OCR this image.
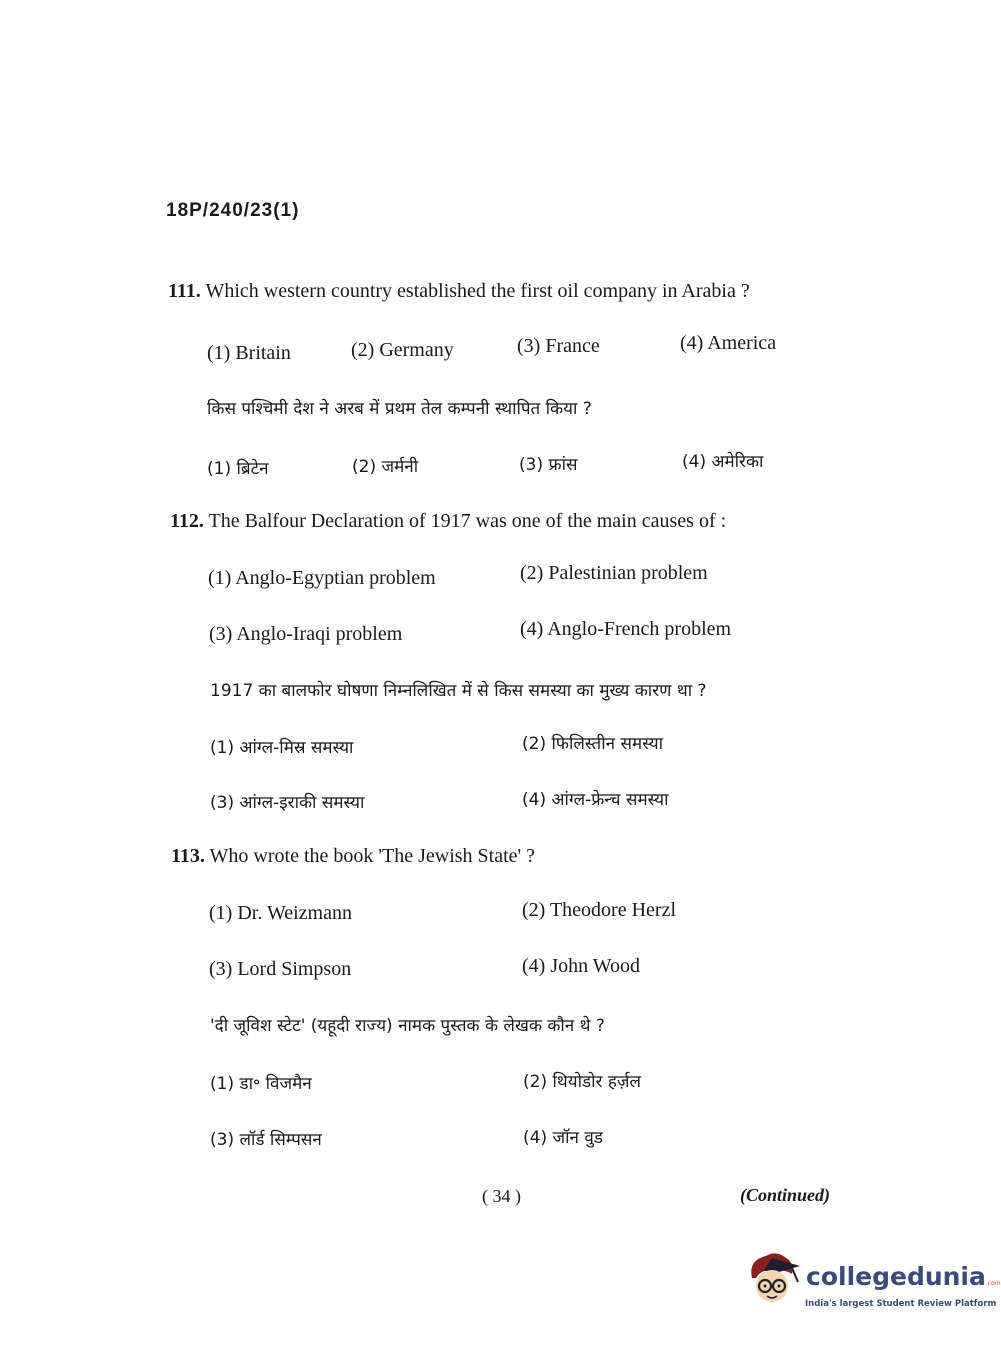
18P/240/23(1)
111. Which western country established the first oil company in Arabia ?
(1) Britain	(2) Germany	(3) France	(4) America
किस पश्चिमी देश ने अरब में प्रथम तेल कम्पनी स्थापित किया ?
(1) ब्रिटेन	(2) जर्मनी	(3) फ्रांस	(4) अमेरिका
112. The Balfour Declaration of 1917 was one of the main causes of :
(1) Anglo-Egyptian problem	(2) Palestinian problem
(3) Anglo-Iraqi problem	(4) Anglo-French problem
1917 का बालफोर घोषणा निम्नलिखित में से किस समस्या का मुख्य कारण था ?
(1) आंग्ल-मिस्र समस्या	(2) फिलिस्तीन समस्या
(3) आंग्ल-इराकी समस्या	(4) आंग्ल-फ्रेन्च समस्या
113. Who wrote the book 'The Jewish State' ?
(1) Dr. Weizmann	(2) Theodore Herzl
(3) Lord Simpson	(4) John Wood
'दी जूविश स्टेट' (यहूदी राज्य) नामक पुस्तक के लेखक कौन थे ?
(1) डा॰ विजमैन	(2) थियोडोर हर्ज़ल
(3) लॉर्ड सिम्पसन	(4) जॉन वुड
( 34 )	(Continued)
collegedunia.com
India's largest Student Review Platform
